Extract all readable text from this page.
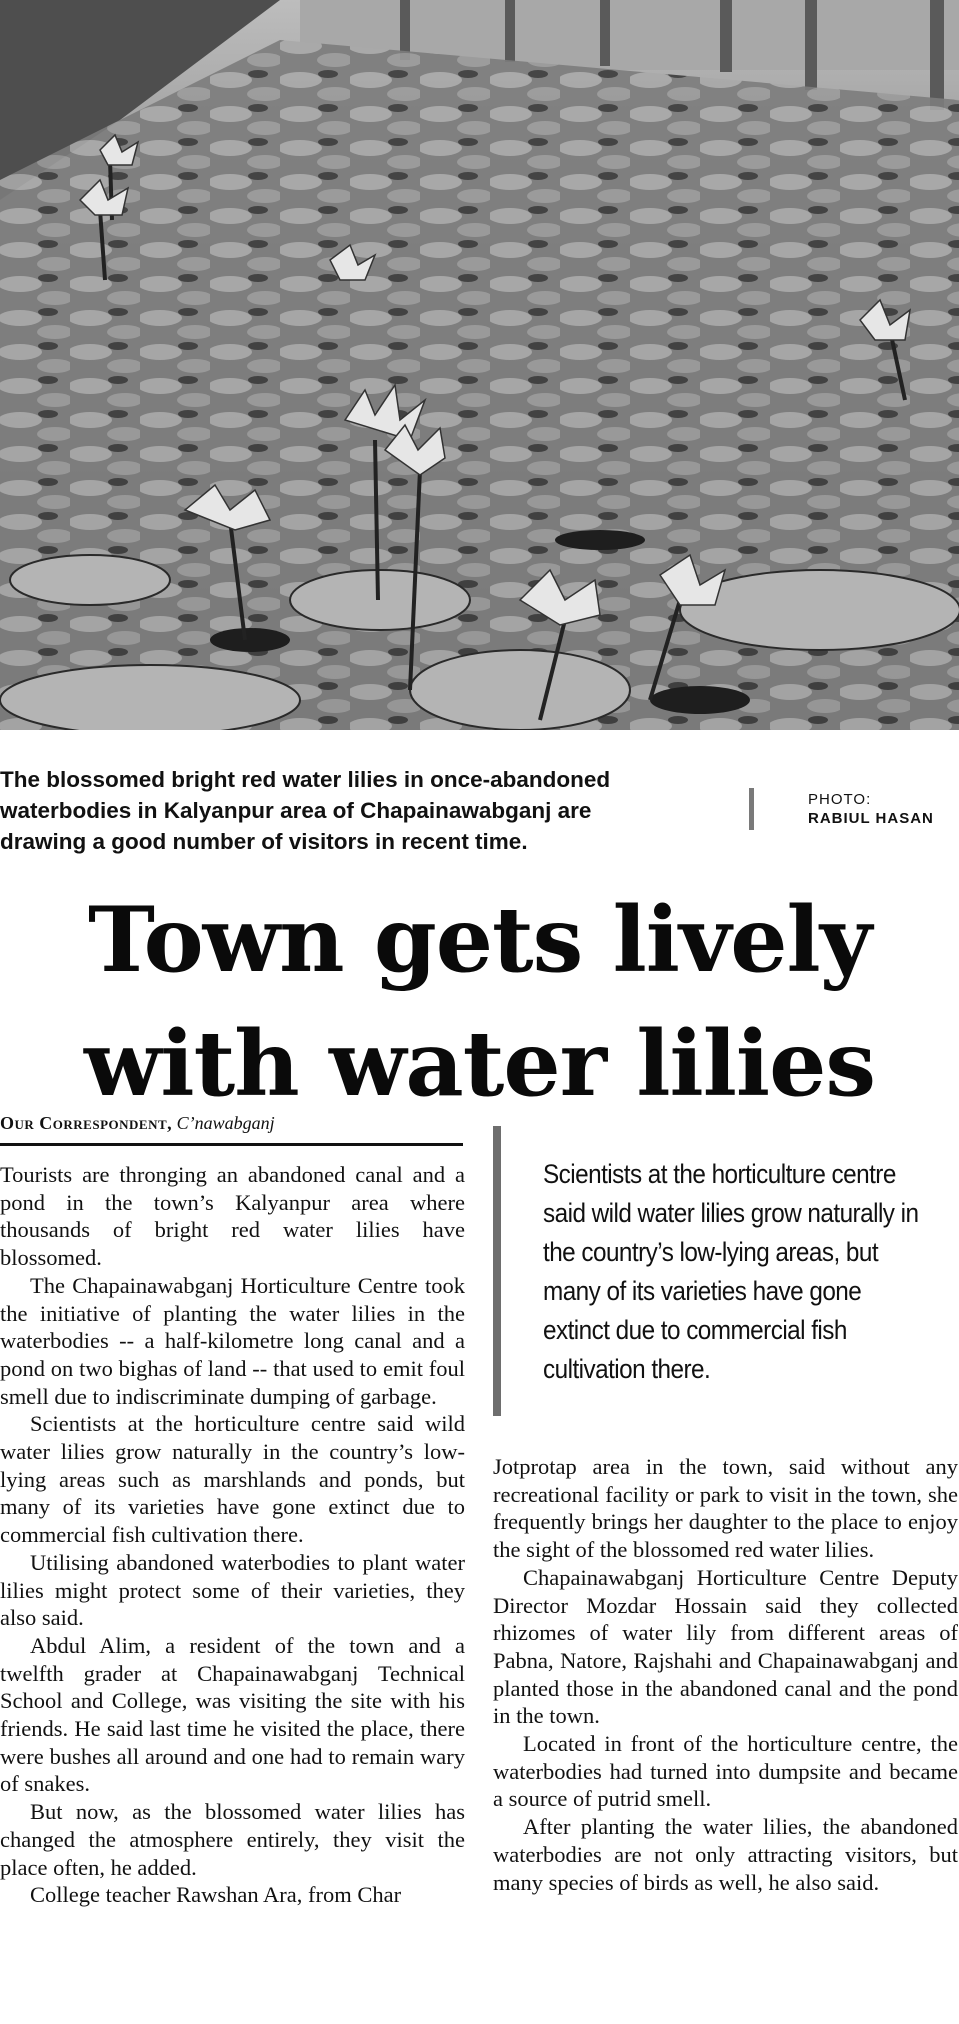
The blossomed bright red water lilies in once-abandoned waterbodies in Kalyanpur area of Chapainawabganj are drawing a good number of visitors in recent time.
PHOTO:
RABIUL HASAN
Town gets lively
with water lilies
Our Correspondent, C’nawabganj
Scientists at the horticulture centre said wild water lilies grow naturally in the country’s low-lying areas, but many of its varieties have gone extinct due to commercial fish cultivation there.

Tourists are thronging an abandoned canal and a pond in the town’s Kalyanpur area where thousands of bright red water lilies have blossomed.

The Chapainawabganj Horticulture Centre took the initiative of planting the water lilies in the waterbodies -- a half-kilometre long canal and a pond on two bighas of land -- that used to emit foul smell due to indiscriminate dumping of garbage.

Scientists at the horticulture centre said wild water lilies grow naturally in the country’s low-lying areas such as marshlands and ponds, but many of its varieties have gone extinct due to commercial fish cultivation there.

Utilising abandoned waterbodies to plant water lilies might protect some of their varieties, they also said.

Abdul Alim, a resident of the town and a twelfth grader at Chapainawabganj Technical School and College, was visiting the site with his friends. He said last time he visited the place, there were bushes all around and one had to remain wary of snakes.

But now, as the blossomed water lilies has changed the atmosphere entirely, they visit the place often, he added.

College teacher Rawshan Ara, from Char

Jotprotap area in the town, said without any recreational facility or park to visit in the town, she frequently brings her daughter to the place to enjoy the sight of the blossomed red water lilies.

Chapainawabganj Horticulture Centre Deputy Director Mozdar Hossain said they collected rhizomes of water lily from different areas of Pabna, Natore, Rajshahi and Chapainawabganj and planted those in the abandoned canal and the pond in the town.

Located in front of the horticulture centre, the waterbodies had turned into dumpsite and became a source of putrid smell.

After planting the water lilies, the abandoned waterbodies are not only attracting visitors, but many species of birds as well, he also said.
